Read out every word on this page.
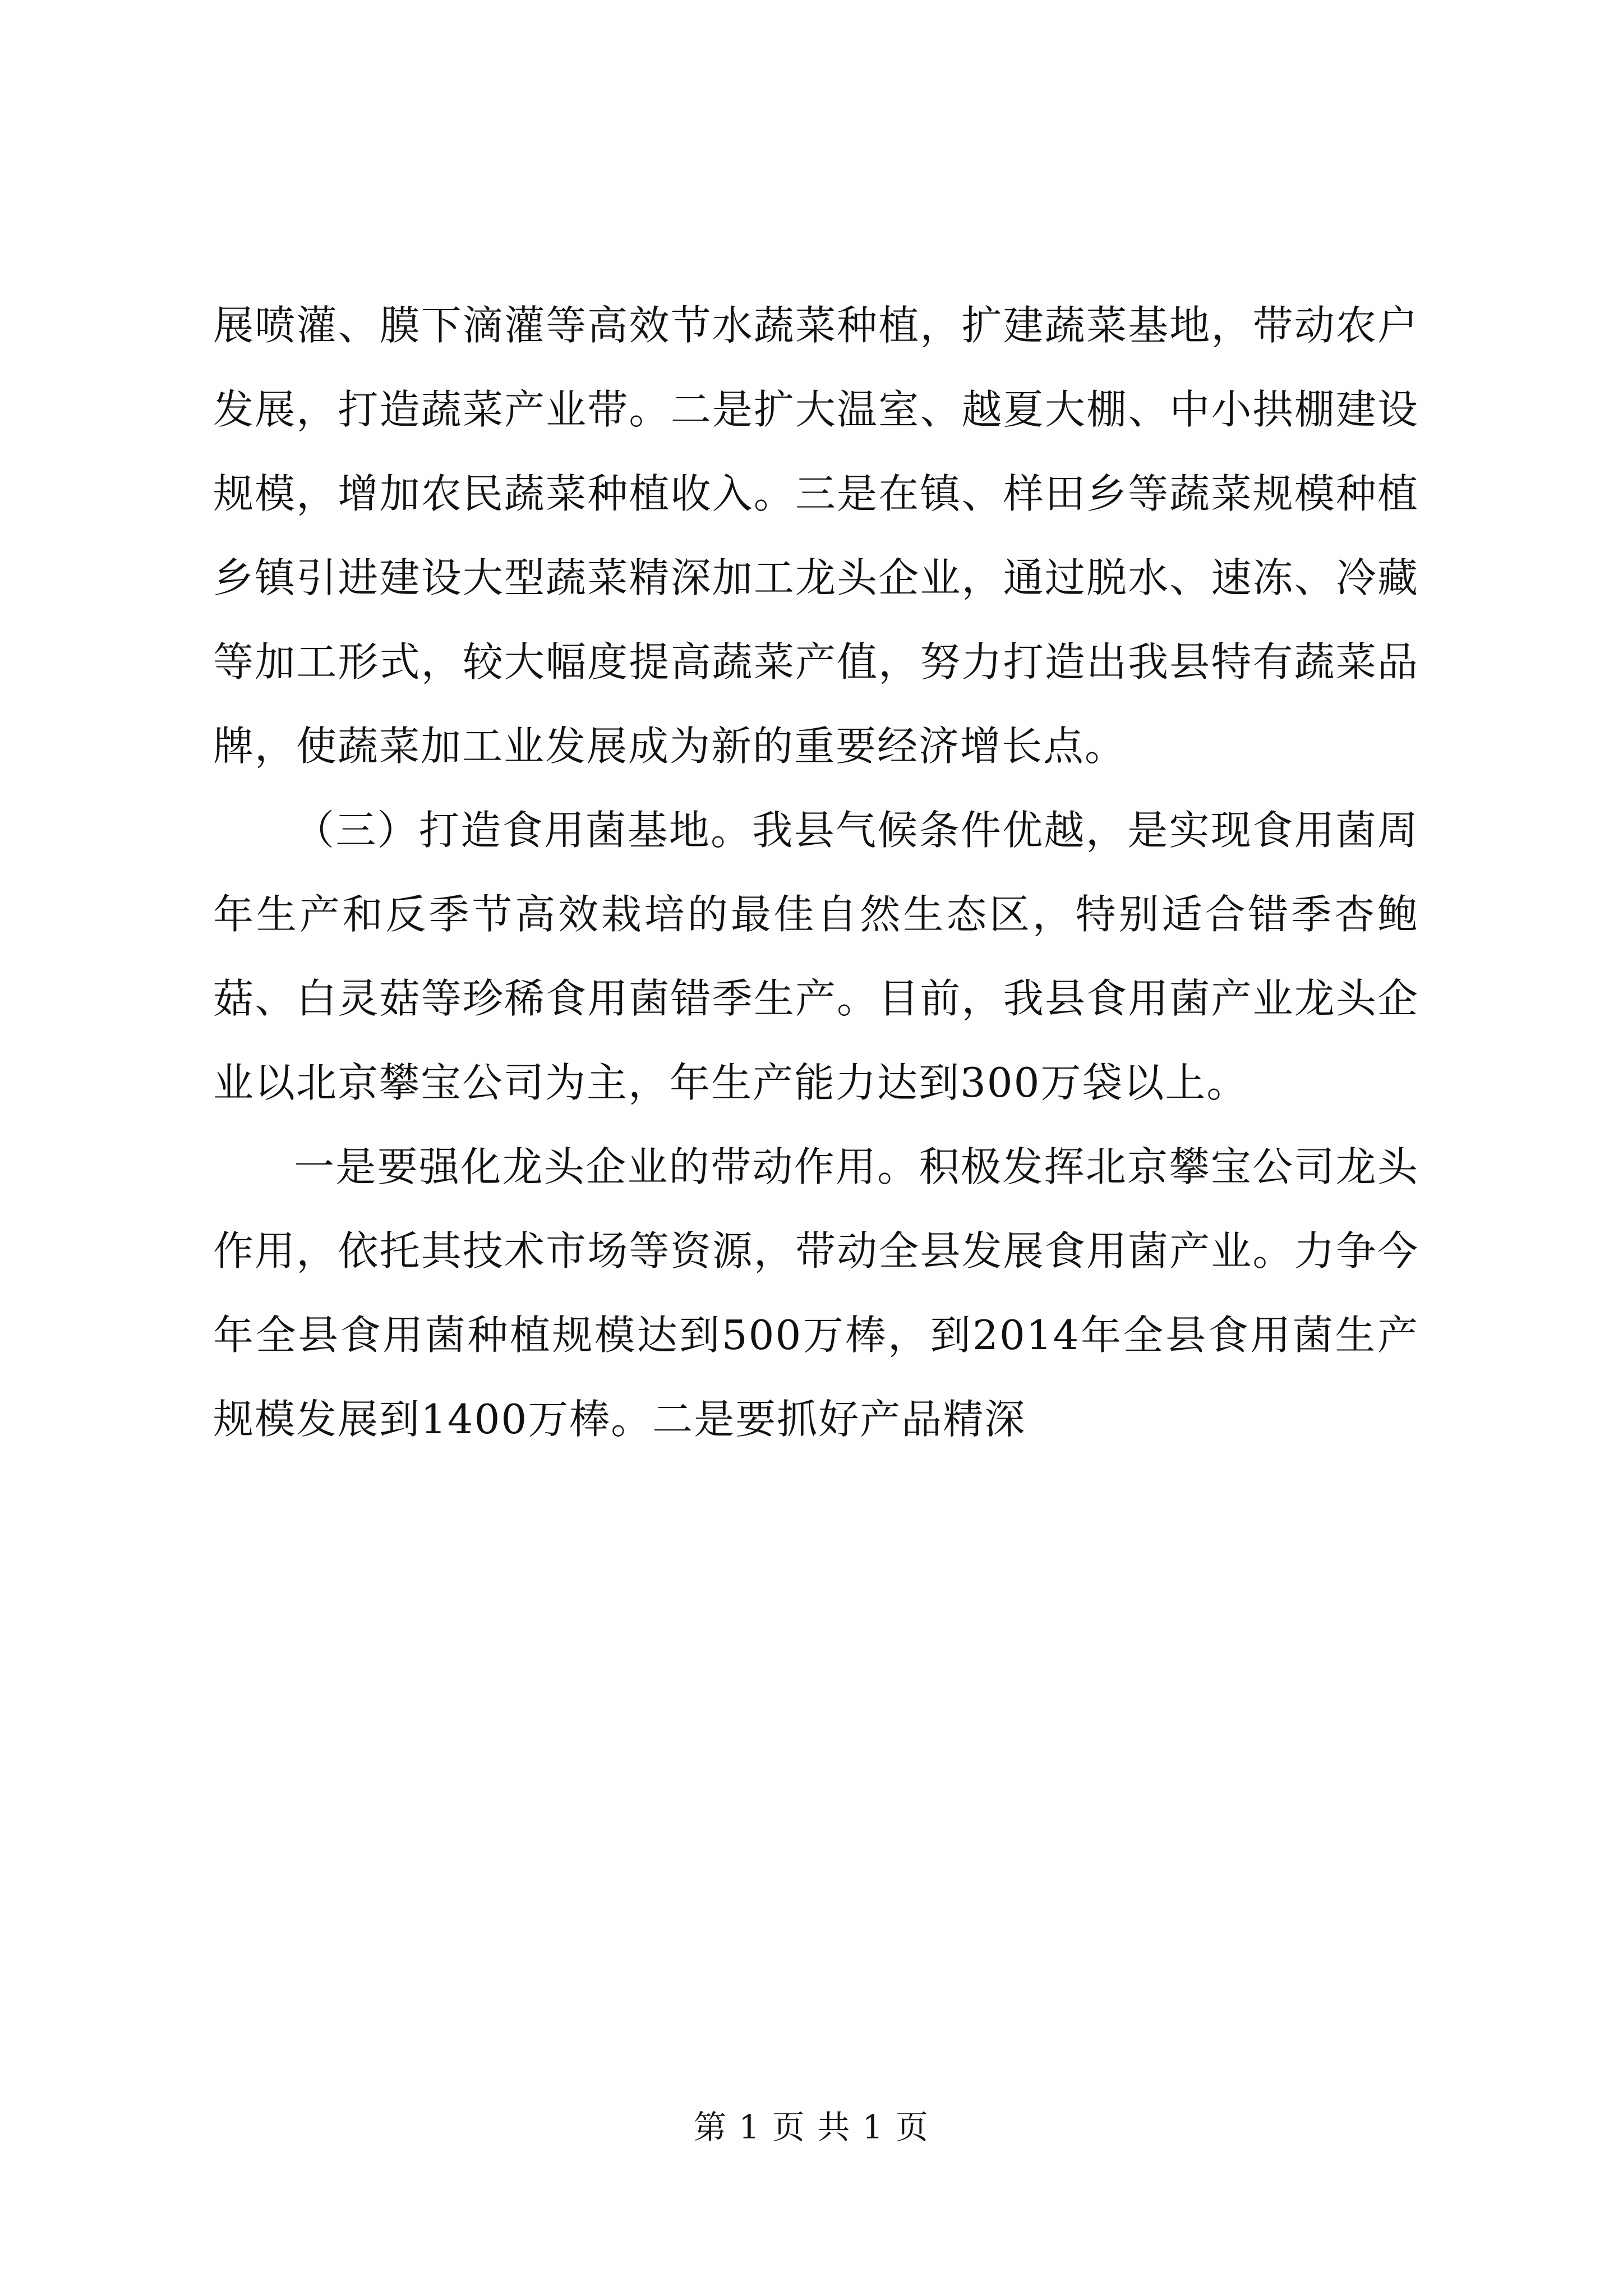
展喷灌、膜下滴灌等高效节水蔬菜种植，扩建蔬菜基地，带动农户发展，打造蔬菜产业带。二是扩大温室、越夏大棚、中小拱棚建设规模，增加农民蔬菜种植收入。三是在镇、样田乡等蔬菜规模种植乡镇引进建设大型蔬菜精深加工龙头企业，通过脱水、速冻、冷藏等加工形式，较大幅度提高蔬菜产值，努力打造出我县特有蔬菜品牌，使蔬菜加工业发展成为新的重要经济增长点。

（三）打造食用菌基地。我县气候条件优越，是实现食用菌周年生产和反季节高效栽培的最佳自然生态区，特别适合错季杏鲍菇、白灵菇等珍稀食用菌错季生产。目前，我县食用菌产业龙头企业以北京攀宝公司为主，年生产能力达到300万袋以上。

一是要强化龙头企业的带动作用。积极发挥北京攀宝公司龙头作用，依托其技术市场等资源，带动全县发展食用菌产业。力争今年全县食用菌种植规模达到500万棒，到2014年全县食用菌生产规模发展到1400万棒。二是要抓好产品精深

第 1 页 共 1 页
